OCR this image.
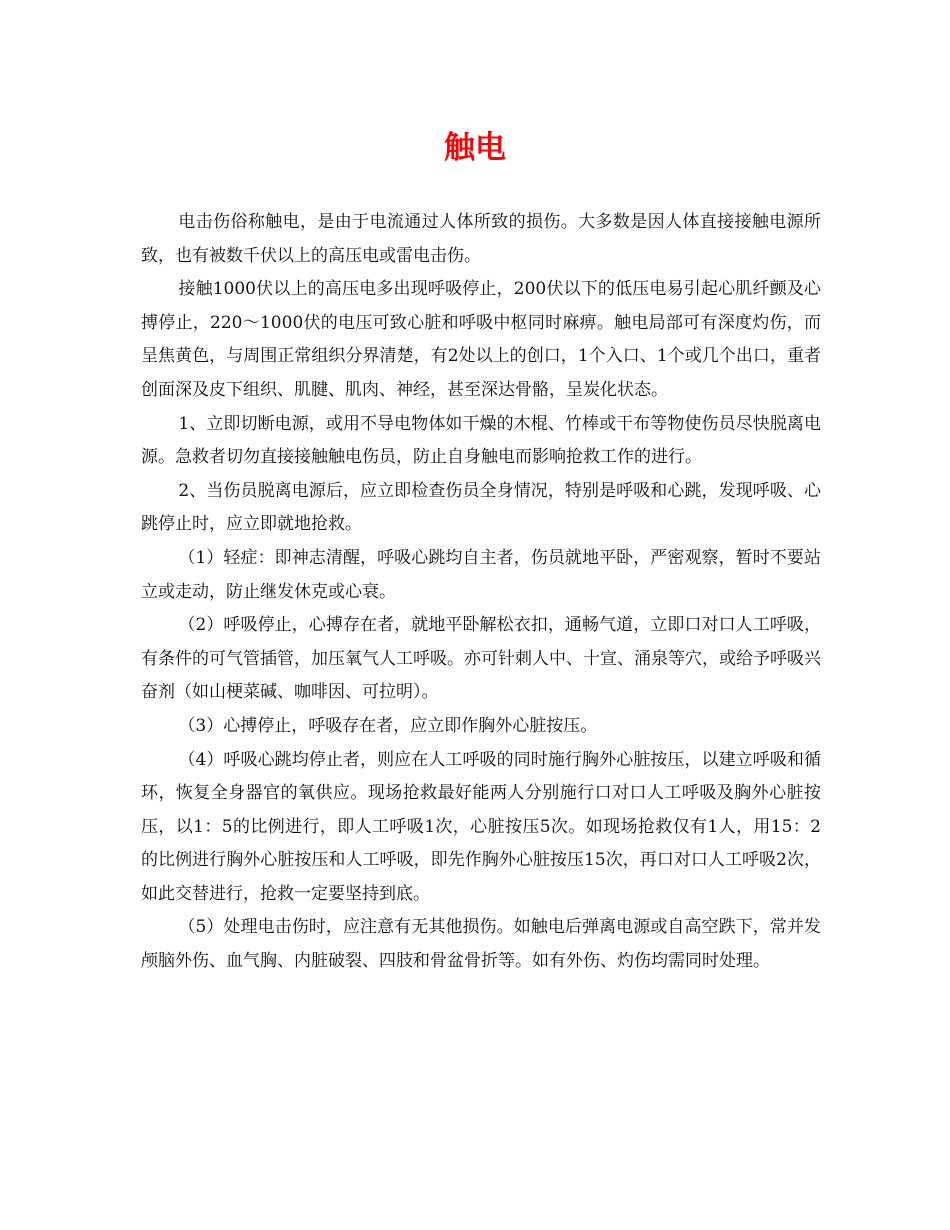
触电

电击伤俗称触电，是由于电流通过人体所致的损伤。大多数是因人体直接接触电源所致，也有被数千伏以上的高压电或雷电击伤。

接触1000伏以上的高压电多出现呼吸停止，200伏以下的低压电易引起心肌纤颤及心搏停止，220～1000伏的电压可致心脏和呼吸中枢同时麻痹。触电局部可有深度灼伤，而呈焦黄色，与周围正常组织分界清楚，有2处以上的创口，1个入口、1个或几个出口，重者创面深及皮下组织、肌腱、肌肉、神经，甚至深达骨骼，呈炭化状态。

1、立即切断电源，或用不导电物体如干燥的木棍、竹棒或干布等物使伤员尽快脱离电源。急救者切勿直接接触触电伤员，防止自身触电而影响抢救工作的进行。

2、当伤员脱离电源后，应立即检查伤员全身情况，特别是呼吸和心跳，发现呼吸、心跳停止时，应立即就地抢救。

（1）轻症：即神志清醒，呼吸心跳均自主者，伤员就地平卧，严密观察，暂时不要站立或走动，防止继发休克或心衰。

（2）呼吸停止，心搏存在者，就地平卧解松衣扣，通畅气道，立即口对口人工呼吸，有条件的可气管插管，加压氧气人工呼吸。亦可针刺人中、十宣、涌泉等穴，或给予呼吸兴奋剂（如山梗菜碱、咖啡因、可拉明）。

（3）心搏停止，呼吸存在者，应立即作胸外心脏按压。

（4）呼吸心跳均停止者，则应在人工呼吸的同时施行胸外心脏按压，以建立呼吸和循环，恢复全身器官的氧供应。现场抢救最好能两人分别施行口对口人工呼吸及胸外心脏按压，以1：5的比例进行，即人工呼吸1次，心脏按压5次。如现场抢救仅有1人，用15：2的比例进行胸外心脏按压和人工呼吸，即先作胸外心脏按压15次，再口对口人工呼吸2次，如此交替进行，抢救一定要坚持到底。

（5）处理电击伤时，应注意有无其他损伤。如触电后弹离电源或自高空跌下，常并发颅脑外伤、血气胸、内脏破裂、四肢和骨盆骨折等。如有外伤、灼伤均需同时处理。
